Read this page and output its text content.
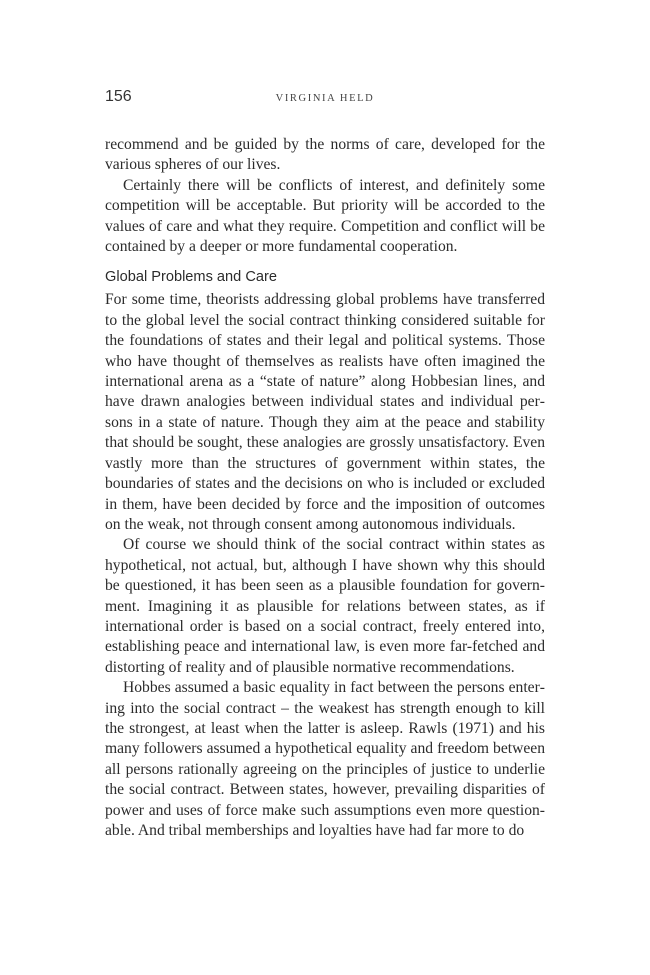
156	VIRGINIA HELD

recommend and be guided by the norms of care, developed for the various spheres of our lives.

Certainly there will be conflicts of interest, and definitely some competition will be acceptable. But priority will be accorded to the values of care and what they require. Competition and conflict will be contained by a deeper or more fundamental cooperation.

Global Problems and Care

For some time, theorists addressing global problems have transferred to the global level the social contract thinking considered suitable for the foundations of states and their legal and political systems. Those who have thought of themselves as realists have often imagined the international arena as a “state of nature” along Hobbesian lines, and have drawn analogies between individual states and individual persons in a state of nature. Though they aim at the peace and stability that should be sought, these analogies are grossly unsatisfactory. Even vastly more than the structures of government within states, the boundaries of states and the decisions on who is included or excluded in them, have been decided by force and the imposition of outcomes on the weak, not through consent among autonomous individuals.

Of course we should think of the social contract within states as hypothetical, not actual, but, although I have shown why this should be questioned, it has been seen as a plausible foundation for government. Imagining it as plausible for relations between states, as if international order is based on a social contract, freely entered into, establishing peace and international law, is even more far-fetched and distorting of reality and of plausible normative recommendations.

Hobbes assumed a basic equality in fact between the persons entering into the social contract – the weakest has strength enough to kill the strongest, at least when the latter is asleep. Rawls (1971) and his many followers assumed a hypothetical equality and freedom between all persons rationally agreeing on the principles of justice to underlie the social contract. Between states, however, prevailing disparities of power and uses of force make such assumptions even more questionable. And tribal memberships and loyalties have had far more to do
